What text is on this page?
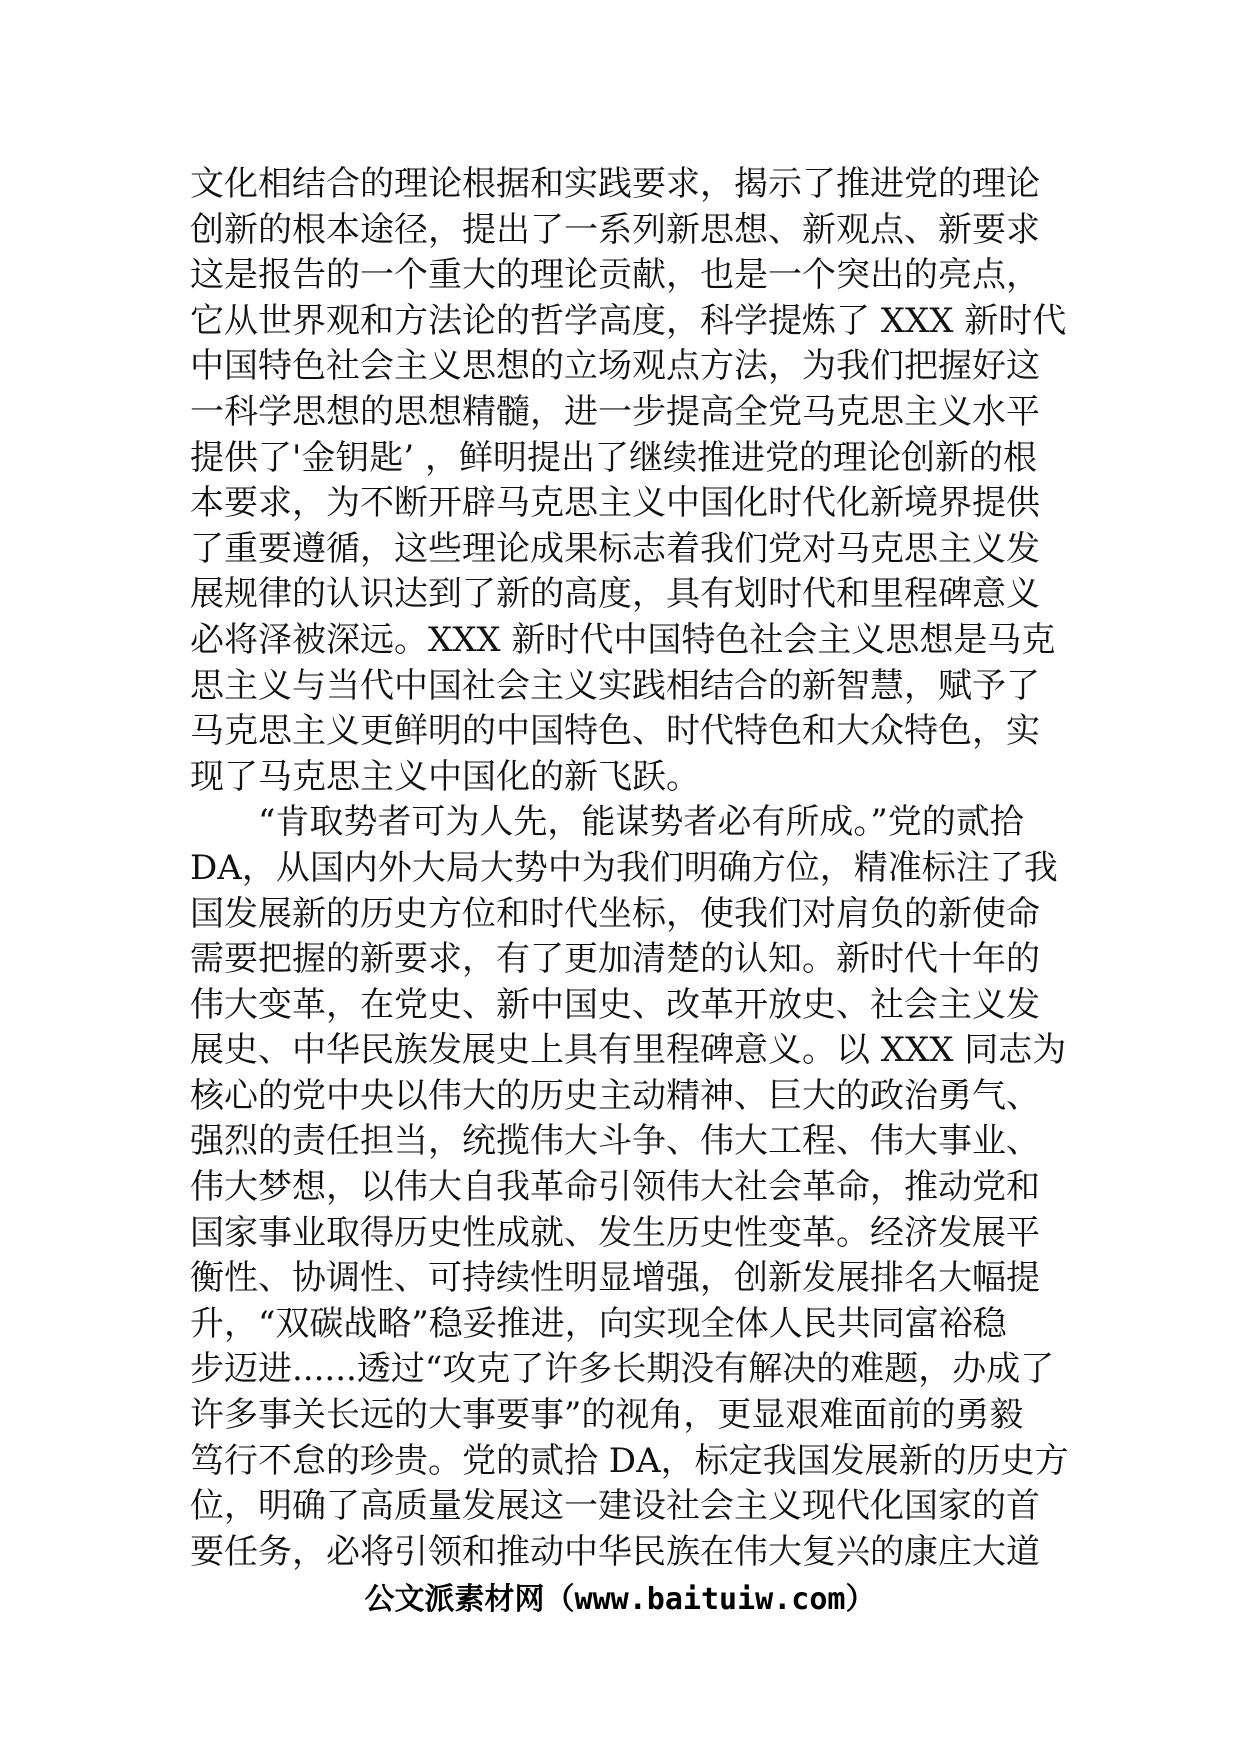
文化相结合的理论根据和实践要求，揭示了推进党的理论
创新的根本途径，提出了一系列新思想、新观点、新要求
这是报告的一个重大的理论贡献，也是一个突出的亮点，
它从世界观和方法论的哲学高度，科学提炼了 XXX 新时代
中国特色社会主义思想的立场观点方法，为我们把握好这
一科学思想的思想精髓，进一步提高全党马克思主义水平
提供了'金钥匙’ ，鲜明提出了继续推进党的理论创新的根
本要求，为不断开辟马克思主义中国化时代化新境界提供
了重要遵循，这些理论成果标志着我们党对马克思主义发
展规律的认识达到了新的高度，具有划时代和里程碑意义
必将泽被深远。XXX 新时代中国特色社会主义思想是马克
思主义与当代中国社会主义实践相结合的新智慧，赋予了
马克思主义更鲜明的中国特色、时代特色和大众特色，实
现了马克思主义中国化的新飞跃。
　　“肯取势者可为人先，能谋势者必有所成。”党的贰拾
DA，从国内外大局大势中为我们明确方位，精准标注了我
国发展新的历史方位和时代坐标，使我们对肩负的新使命
需要把握的新要求，有了更加清楚的认知。新时代十年的
伟大变革，在党史、新中国史、改革开放史、社会主义发
展史、中华民族发展史上具有里程碑意义。以 XXX 同志为
核心的党中央以伟大的历史主动精神、巨大的政治勇气、
强烈的责任担当，统揽伟大斗争、伟大工程、伟大事业、
伟大梦想，以伟大自我革命引领伟大社会革命，推动党和
国家事业取得历史性成就、发生历史性变革。经济发展平
衡性、协调性、可持续性明显增强，创新发展排名大幅提
升，“双碳战略”稳妥推进，向实现全体人民共同富裕稳
步迈进......透过“攻克了许多长期没有解决的难题，办成了
许多事关长远的大事要事”的视角，更显艰难面前的勇毅
笃行不怠的珍贵。党的贰拾 DA，标定我国发展新的历史方
位，明确了高质量发展这一建设社会主义现代化国家的首
要任务，必将引领和推动中华民族在伟大复兴的康庄大道
公文派素材网（www.baituiw.com）
